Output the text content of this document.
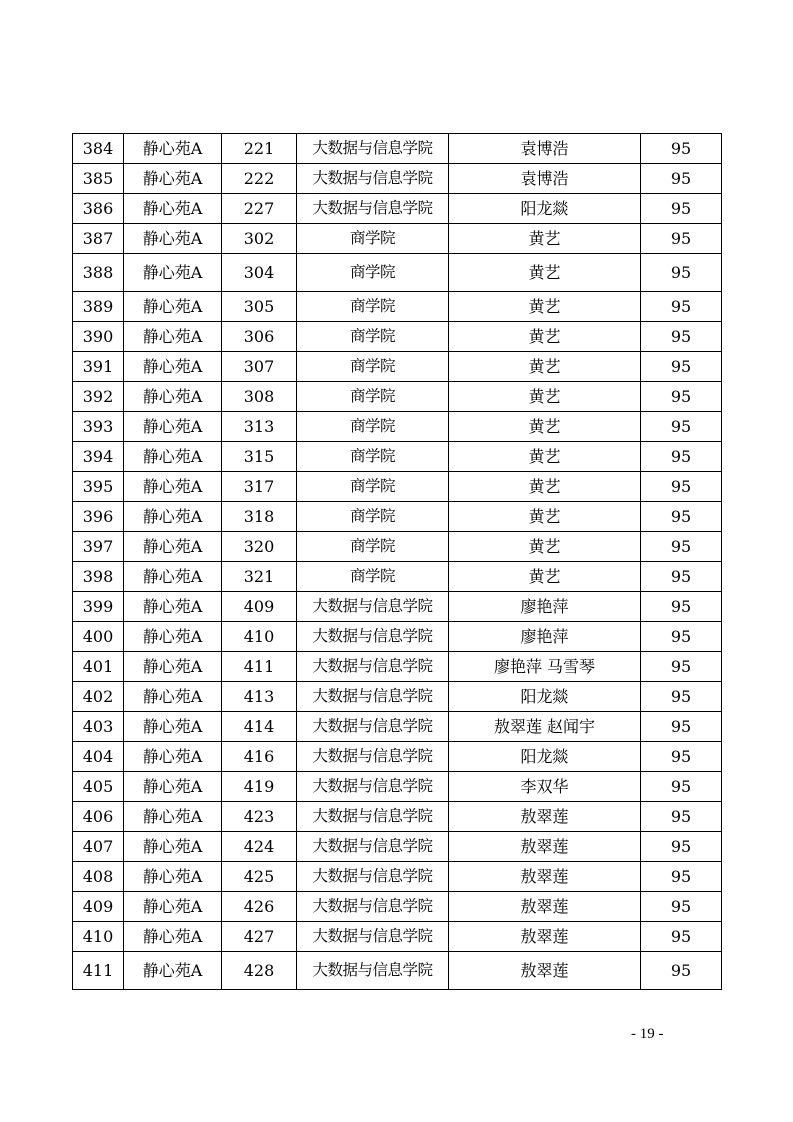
384	静心苑A	221	大数据与信息学院	袁博浩	95
385	静心苑A	222	大数据与信息学院	袁博浩	95
386	静心苑A	227	大数据与信息学院	阳龙燚	95
387	静心苑A	302	商学院	黄艺	95
388	静心苑A	304	商学院	黄艺	95
389	静心苑A	305	商学院	黄艺	95
390	静心苑A	306	商学院	黄艺	95
391	静心苑A	307	商学院	黄艺	95
392	静心苑A	308	商学院	黄艺	95
393	静心苑A	313	商学院	黄艺	95
394	静心苑A	315	商学院	黄艺	95
395	静心苑A	317	商学院	黄艺	95
396	静心苑A	318	商学院	黄艺	95
397	静心苑A	320	商学院	黄艺	95
398	静心苑A	321	商学院	黄艺	95
399	静心苑A	409	大数据与信息学院	廖艳萍	95
400	静心苑A	410	大数据与信息学院	廖艳萍	95
401	静心苑A	411	大数据与信息学院	廖艳萍 马雪琴	95
402	静心苑A	413	大数据与信息学院	阳龙燚	95
403	静心苑A	414	大数据与信息学院	敖翠莲 赵闻宇	95
404	静心苑A	416	大数据与信息学院	阳龙燚	95
405	静心苑A	419	大数据与信息学院	李双华	95
406	静心苑A	423	大数据与信息学院	敖翠莲	95
407	静心苑A	424	大数据与信息学院	敖翠莲	95
408	静心苑A	425	大数据与信息学院	敖翠莲	95
409	静心苑A	426	大数据与信息学院	敖翠莲	95
410	静心苑A	427	大数据与信息学院	敖翠莲	95
411	静心苑A	428	大数据与信息学院	敖翠莲	95
- 19 -
